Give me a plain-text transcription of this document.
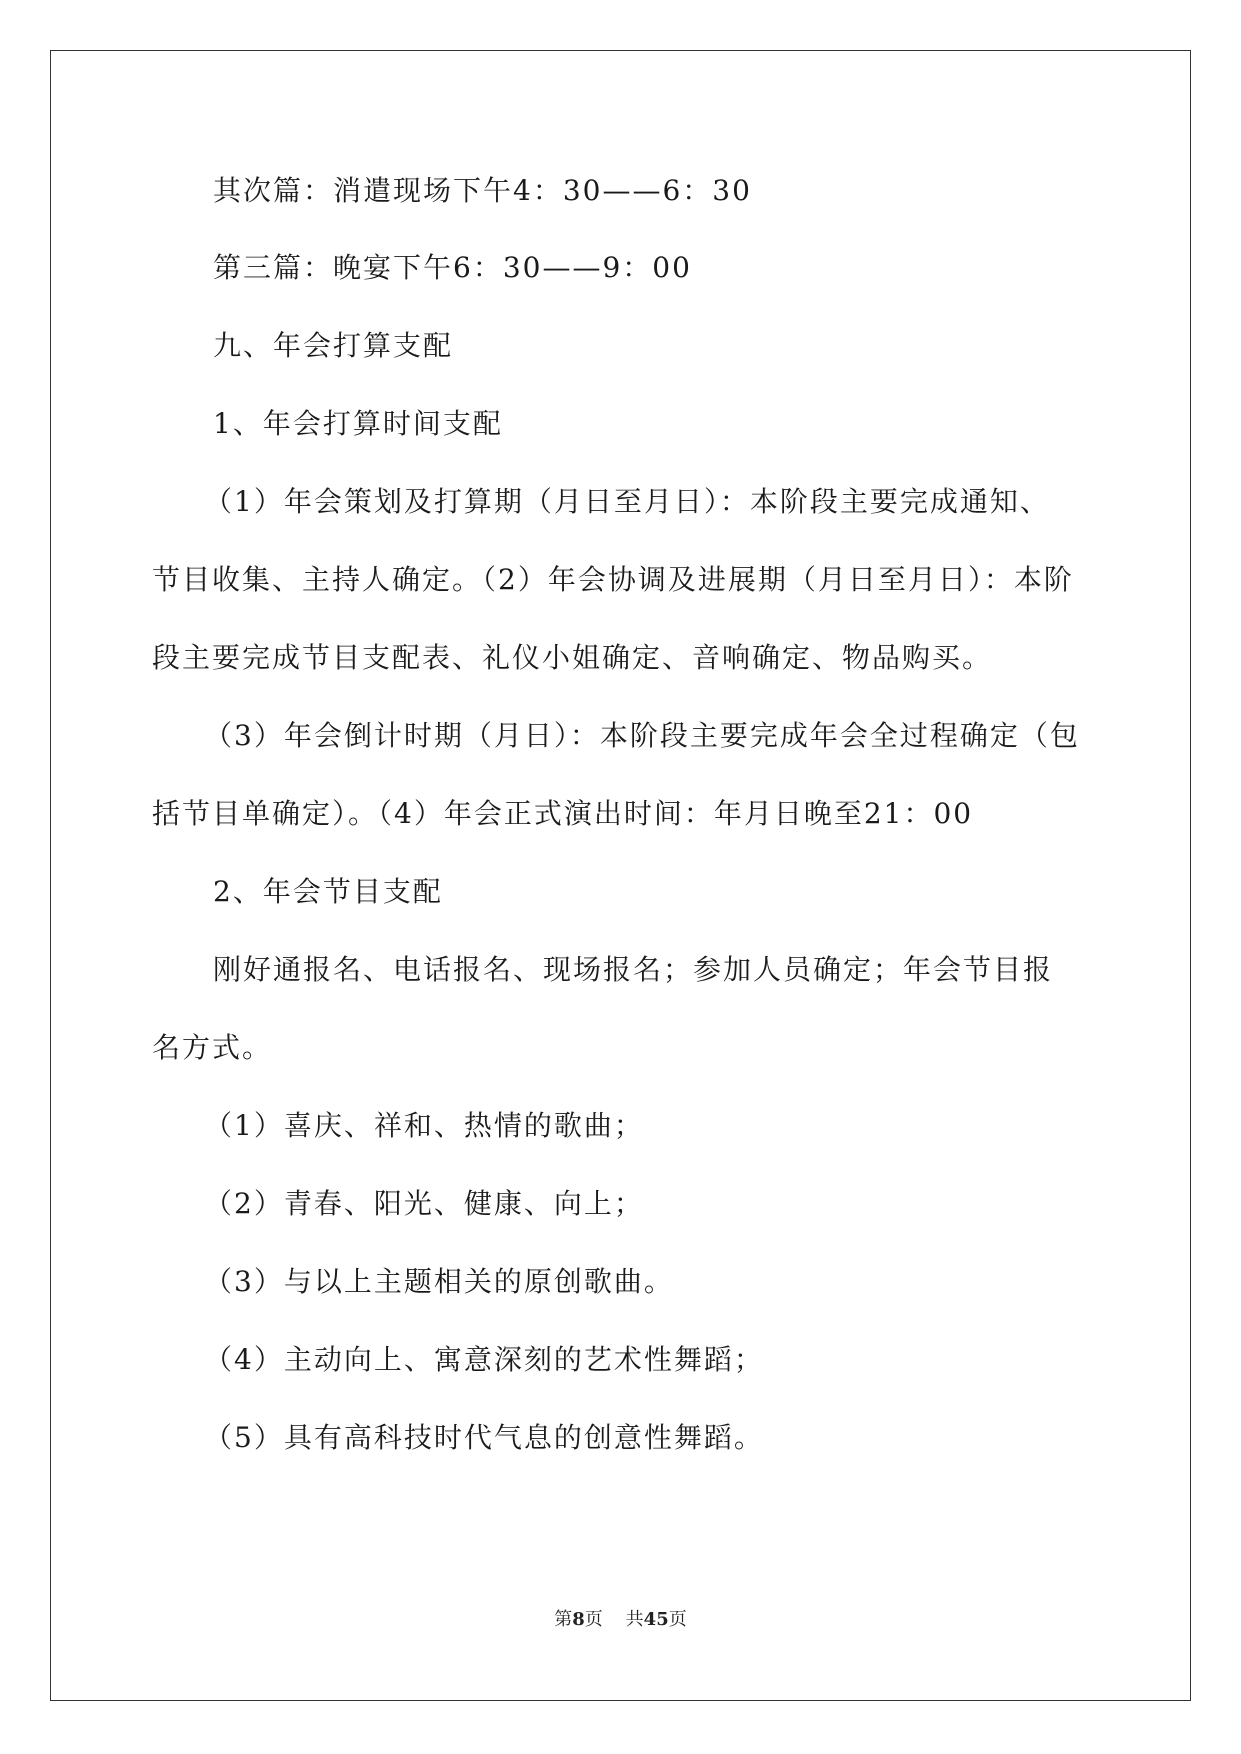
其次篇：消遣现场下午4：30——6：30
第三篇：晚宴下午6：30——9：00
九、年会打算支配
1、年会打算时间支配
（1）年会策划及打算期（月日至月日）：本阶段主要完成通知、
节目收集、主持人确定。（2）年会协调及进展期（月日至月日）：本阶
段主要完成节目支配表、礼仪小姐确定、音响确定、物品购买。
（3）年会倒计时期（月日）：本阶段主要完成年会全过程确定（包
括节目单确定）。（4）年会正式演出时间：年月日晚至21：00
2、年会节目支配
刚好通报名、电话报名、现场报名；参加人员确定；年会节目报
名方式。
（1）喜庆、祥和、热情的歌曲；
（2）青春、阳光、健康、向上；
（3）与以上主题相关的原创歌曲。
（4）主动向上、寓意深刻的艺术性舞蹈；
（5）具有高科技时代气息的创意性舞蹈。
第8页 共45页
